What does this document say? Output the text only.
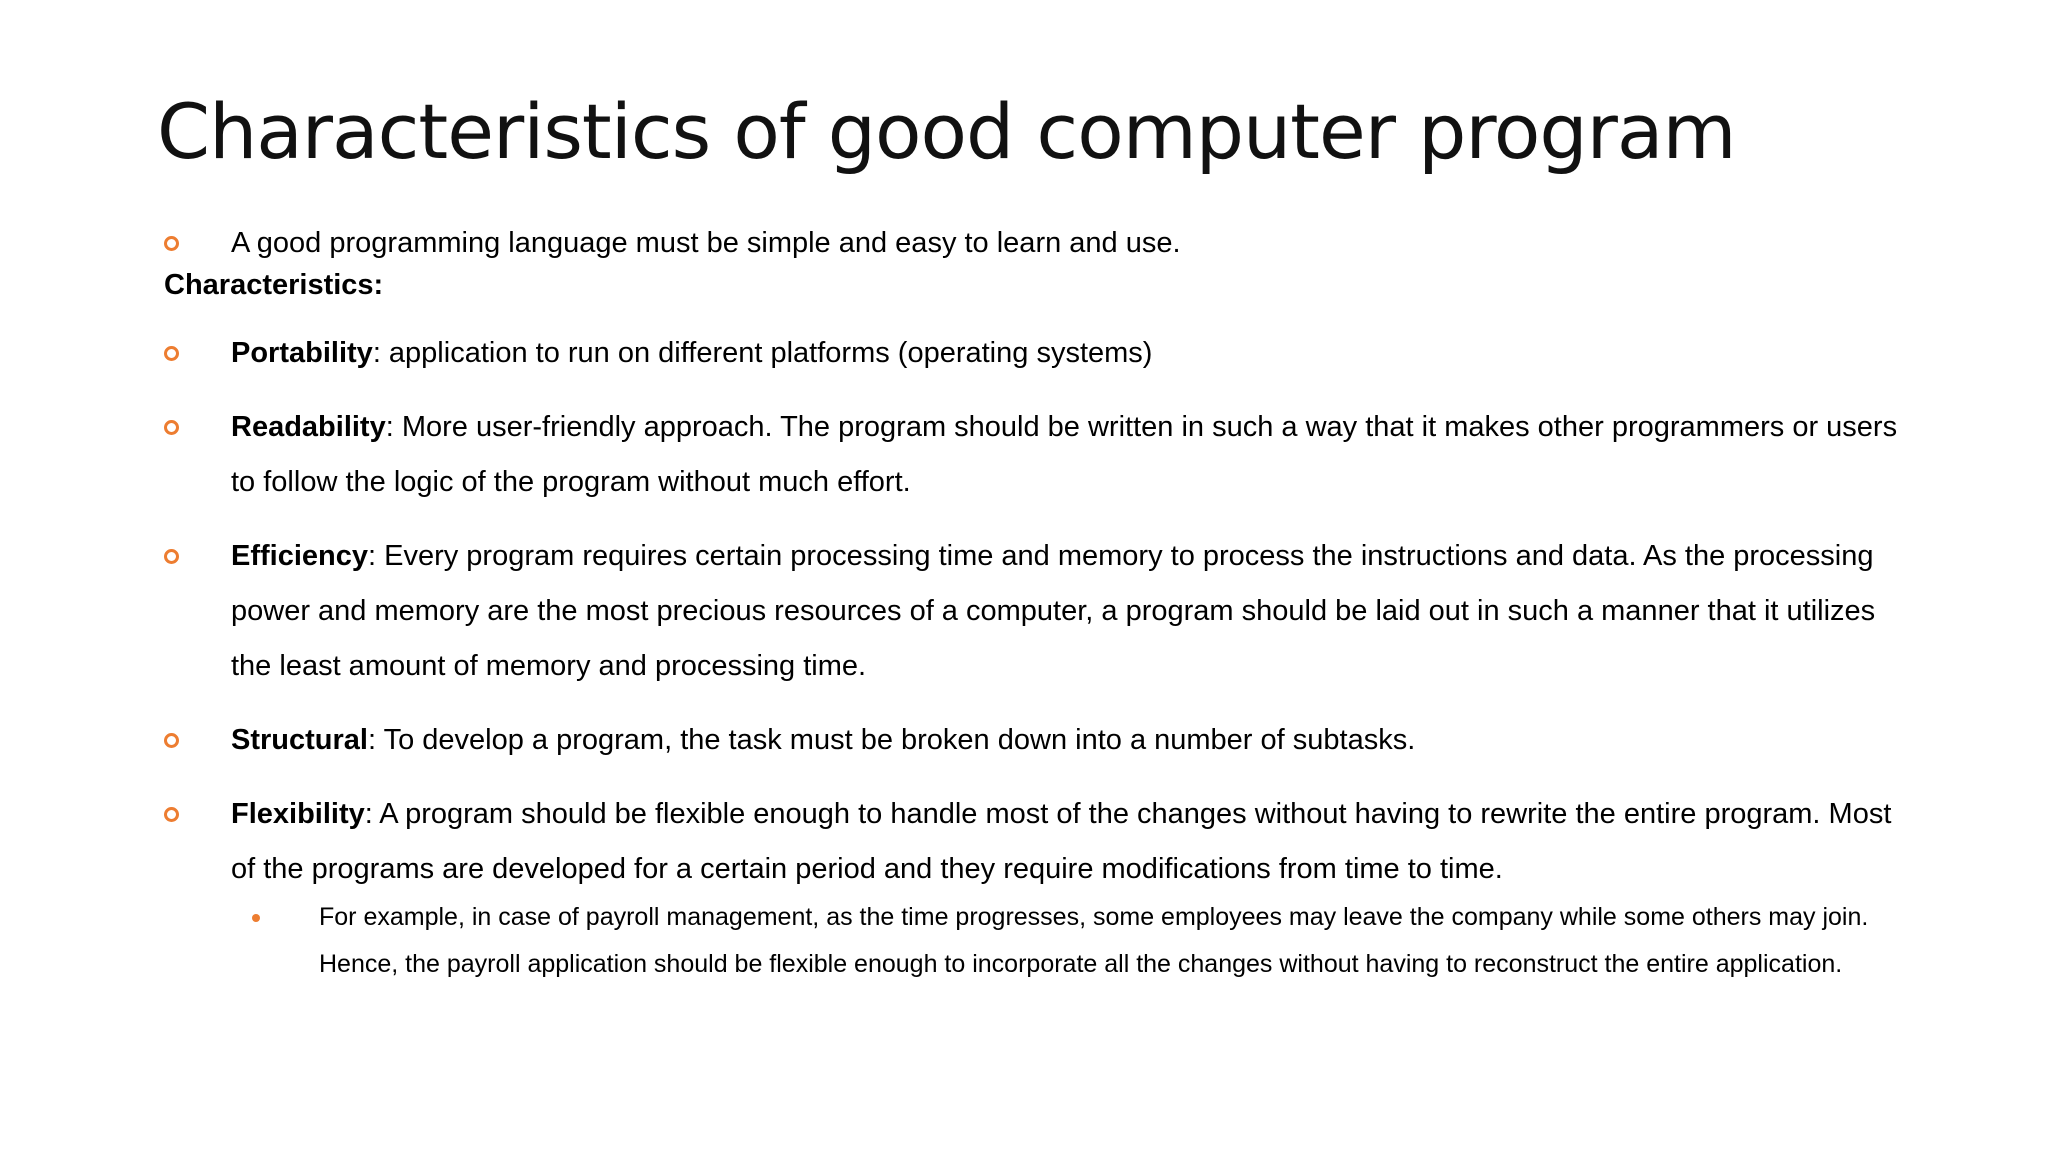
Characteristics of good computer program
A good programming language must be simple and easy to learn and use.
Characteristics:
Portability: application to run on different platforms (operating systems)
Readability: More user-friendly approach. The program should be written in such a way that it makes other programmers or users to follow the logic of the program without much effort.
Efficiency: Every program requires certain processing time and memory to process the instructions and data. As the processing power and memory are the most precious resources of a computer, a program should be laid out in such a manner that it utilizes the least amount of memory and processing time.
Structural: To develop a program, the task must be broken down into a number of subtasks.
Flexibility: A program should be flexible enough to handle most of the changes without having to rewrite the entire program. Most of the programs are developed for a certain period and they require modifications from time to time.
For example, in case of payroll management, as the time progresses, some employees may leave the company while some others may join. Hence, the payroll application should be flexible enough to incorporate all the changes without having to reconstruct the entire application.
